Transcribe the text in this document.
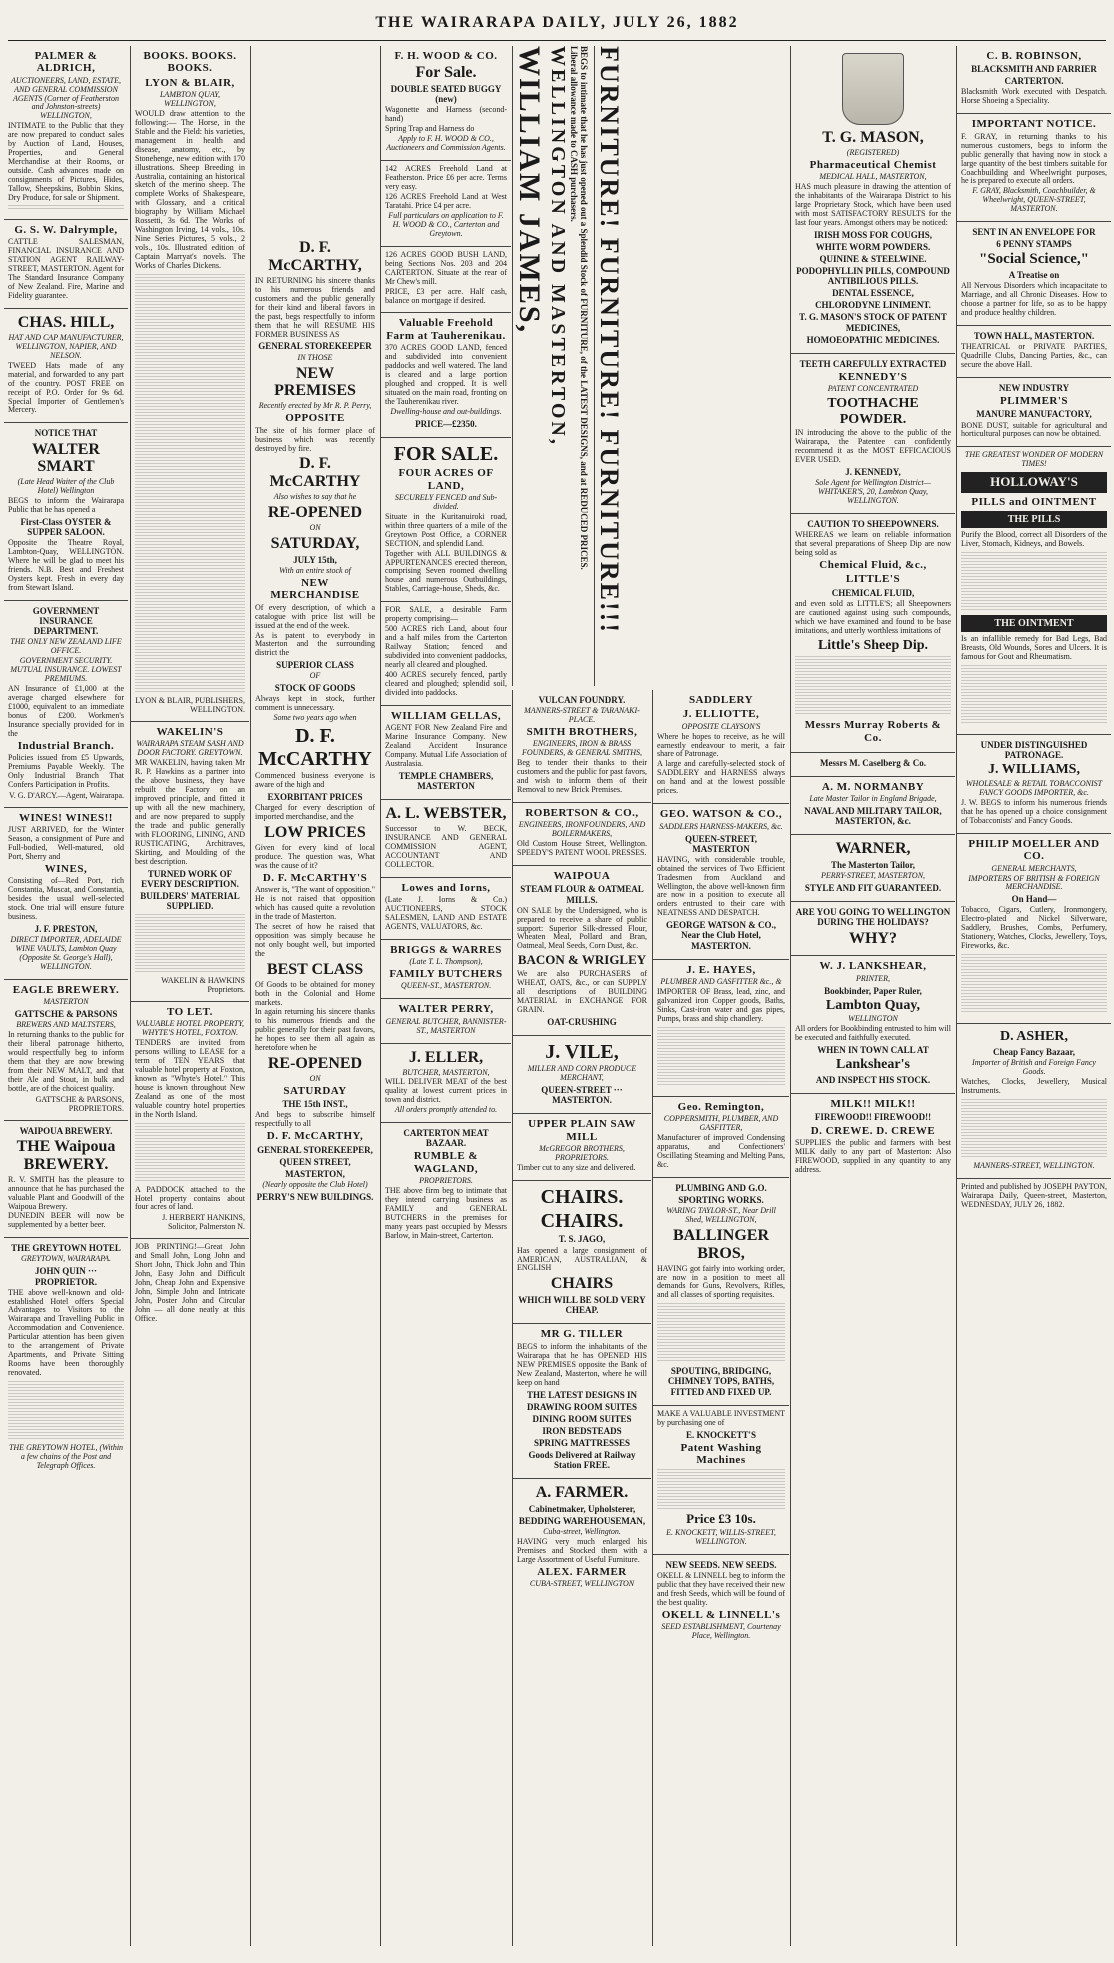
THE WAIRARAPA DAILY, JULY 26, 1882
PALMER & ALDRICH,
AUCTIONEERS, LAND, ESTATE, AND GENERAL COMMISSION AGENTS (Corner of Featherston and Johnston-streets) WELLINGTON,
INTIMATE to the Public that they are now prepared to conduct sales by Auction of Land, Houses, Properties, and General Merchandise at their Rooms, or outside. Cash advances made on consignments of Pictures, Hides, Tallow, Sheepskins, Bobbin Skins, Dry Produce, for sale or Shipment.
G. S. W. Dalrymple,
CATTLE SALESMAN, FINANCIAL INSURANCE AND STATION AGENT RAILWAY-STREET, MASTERTON. Agent for The Standard Insurance Company of New Zealand. Fire, Marine and Fidelity guarantee.
CHAS. HILL,
HAT AND CAP MANUFACTURER, WELLINGTON, NAPIER, AND NELSON.
TWEED Hats made of any material, and forwarded to any part of the country. POST FREE on receipt of P.O. Order for 9s 6d. Special Importer of Gentlemen's Mercery.
NOTICE THAT
WALTER SMART
(Late Head Waiter of the Club Hotel) Wellington
BEGS to inform the Wairarapa Public that he has opened a
First-Class OYSTER & SUPPER SALOON.
Opposite the Theatre Royal, Lambton-Quay, WELLINGTON. Where he will be glad to meet his friends. N.B. Best and Freshest Oysters kept. Fresh in every day from Stewart Island.
GOVERNMENT INSURANCE DEPARTMENT.
THE ONLY NEW ZEALAND LIFE OFFICE.
GOVERNMENT SECURITY. MUTUAL INSURANCE. LOWEST PREMIUMS.
AN Insurance of £1,000 at the average charged elsewhere for £1000, equivalent to an immediate bonus of £200. Workmen's Insurance specially provided for in the
Industrial Branch.
Policies issued from £5 Upwards, Premiums Payable Weekly. The Only Industrial Branch That Confers Participation in Profits.
V. G. D'ARCY.—Agent, Wairarapa.
WINES! WINES!!
JUST ARRIVED, for the Winter Season, a consignment of Pure and Full-bodied, Well-matured, old Port, Sherry and
WINES,
Consisting of—Red Port, rich Constantia, Muscat, and Constantia, besides the usual well-selected stock. One trial will ensure future business.
J. F. PRESTON,
DIRECT IMPORTER, ADELAIDE WINE VAULTS, Lambton Quay (Opposite St. George's Hall), WELLINGTON.
EAGLE BREWERY.
MASTERTON
GATTSCHE & PARSONS
BREWERS AND MALTSTERS,
In returning thanks to the public for their liberal patronage hitherto, would respectfully beg to inform them that they are now brewing from their NEW MALT, and that their Ale and Stout, in bulk and bottle, are of the choicest quality.
GATTSCHE & PARSONS, PROPRIETORS.
WAIPOUA BREWERY.
THE Waipoua BREWERY.
R. V. SMITH has the pleasure to announce that he has purchased the valuable Plant and Goodwill of the Waipoua Brewery.
DUNEDIN BEER will now be supplemented by a better beer.
THE GREYTOWN HOTEL
GREYTOWN, WAIRARAPA.
JOHN QUIN ··· PROPRIETOR.
THE above well-known and old-established Hotel offers Special Advantages to Visitors to the Wairarapa and Travelling Public in Accommodation and Convenience. Particular attention has been given to the arrangement of Private Apartments, and Private Sitting Rooms have been thoroughly renovated.
THE GREYTOWN HOTEL, (Within a few chains of the Post and Telegraph Offices.
BOOKS. BOOKS. BOOKS.
LYON & BLAIR,
LAMBTON QUAY, WELLINGTON,
WOULD draw attention to the following:— The Horse, in the Stable and the Field: his varieties, management in health and disease, anatomy, etc., by Stonehenge, new edition with 170 illustrations. Sheep Breeding in Australia, containing an historical sketch of the merino sheep. The complete Works of Shakespeare, with Glossary, and a critical biography by William Michael Rossetti, 3s 6d. The Works of Washington Irving, 14 vols., 10s. Nine Series Pictures, 5 vols., 2 vols., 10s. Illustrated edition of Captain Marryat's novels. The Works of Charles Dickens.
LYON & BLAIR, PUBLISHERS, WELLINGTON.
WAKELIN'S
WAIRARAPA STEAM SASH AND DOOR FACTORY. GREYTOWN.
MR WAKELIN, having taken Mr R. P. Hawkins as a partner into the above business, they have rebuilt the Factory on an improved principle, and fitted it up with all the new machinery, and are now prepared to supply the trade and public generally with FLOORING, LINING, AND RUSTICATING, Architraves, Skirting, and Moulding of the best description.
TURNED WORK OF EVERY DESCRIPTION.
BUILDERS' MATERIAL SUPPLIED.
WAKELIN & HAWKINS Proprietors.
TO LET.
VALUABLE HOTEL PROPERTY, WHYTE'S HOTEL, FOXTON.
TENDERS are invited from persons willing to LEASE for a term of TEN YEARS that valuable hotel property at Foxton, known as "Whyte's Hotel." This house is known throughout New Zealand as one of the most valuable country hotel properties in the North Island.
A PADDOCK attached to the Hotel property contains about four acres of land.
J. HERBERT HANKINS, Solicitor, Palmerston N.
JOB PRINTING!—Great John and Small John, Long John and Short John, Thick John and Thin John, Easy John and Difficult John, Cheap John and Expensive John, Simple John and Intricate John, Poster John and Circular John — all done neatly at this Office.
D. F. McCARTHY,
IN RETURNING his sincere thanks to his numerous friends and customers and the public generally for their kind and liberal favors in the past, begs respectfully to inform them that he will RESUME HIS FORMER BUSINESS AS
GENERAL STOREKEEPER
IN THOSE
NEW PREMISES
Recently erected by Mr R. P. Perry,
OPPOSITE
The site of his former place of business which was recently destroyed by fire.
D. F. McCARTHY
Also wishes to say that he
RE-OPENED
ON
SATURDAY,
JULY 15th,
With an entire stock of
NEW MERCHANDISE
Of every description, of which a catalogue with price list will be issued at the end of the week.
As is patent to everybody in Masterton and the surrounding district the
SUPERIOR CLASS
OF
STOCK OF GOODS
Always kept in stock, further comment is unnecessary.
Some two years ago when
D. F. McCARTHY
Commenced business everyone is aware of the high and
EXORBITANT PRICES
Charged for every description of imported merchandise, and the
LOW PRICES
Given for every kind of local produce. The question was, What was the cause of it?
D. F. McCARTHY'S
Answer is, "The want of opposition." He is not raised that opposition which has caused quite a revolution in the trade of Masterton.
The secret of how he raised that opposition was simply because he not only bought well, but imported the
BEST CLASS
Of Goods to be obtained for money both in the Colonial and Home markets.
In again returning his sincere thanks to his numerous friends and the public generally for their past favors, he hopes to see them all again as heretofore when he
RE-OPENED
ON
SATURDAY
THE 15th INST.,
And begs to subscribe himself respectfully to all
D. F. McCARTHY,
GENERAL STOREKEEPER,
QUEEN STREET,
MASTERTON,
(Nearly opposite the Club Hotel)
PERRY'S NEW BUILDINGS.
F. H. WOOD & CO.
For Sale.
DOUBLE SEATED BUGGY (new)
Wagonette and Harness (second-hand)
Spring Trap and Harness do
Apply to F. H. WOOD & CO., Auctioneers and Commission Agents.
142 ACRES Freehold Land at Featherston. Price £6 per acre. Terms very easy.
126 ACRES Freehold Land at West Taratahi. Price £4 per acre.
Full particulars on application to F. H. WOOD & CO., Carterton and Greytown.
126 ACRES GOOD BUSH LAND, being Sections Nos. 203 and 204 CARTERTON. Situate at the rear of Mr Chew's mill.
PRICE, £3 per acre. Half cash, balance on mortgage if desired.
Valuable Freehold Farm at Tauherenikau.
370 ACRES GOOD LAND, fenced and subdivided into convenient paddocks and well watered. The land is cleared and a large portion ploughed and cropped. It is well situated on the main road, fronting on the Tauherenikau river.
Dwelling-house and out-buildings.
PRICE—£2350.
FOR SALE.
FOUR ACRES OF LAND,
SECURELY FENCED and Sub-divided.
Situate in the Kuritanuiroki road, within three quarters of a mile of the Greytown Post Office, a CORNER SECTION, and splendid Land.
Together with ALL BUILDINGS & APPURTENANCES erected thereon, comprising Seven roomed dwelling house and numerous Outbuildings, Stables, Carriage-house, Sheds, &c.
FOR SALE, a desirable Farm property comprising—
500 ACRES rich Land, about four and a half miles from the Carterton Railway Station; fenced and subdivided into convenient paddocks, nearly all cleared and ploughed.
400 ACRES securely fenced, partly cleared and ploughed; splendid soil, divided into paddocks.
WILLIAM GELLAS,
AGENT FOR New Zealand Fire and Marine Insurance Company. New Zealand Accident Insurance Company. Mutual Life Association of Australasia.
TEMPLE CHAMBERS, MASTERTON
A. L. WEBSTER,
Successor to W. BECK, INSURANCE AND GENERAL COMMISSION AGENT, ACCOUNTANT AND COLLECTOR.
Lowes and Iorns,
(Late J. Iorns & Co.) AUCTIONEERS, STOCK SALESMEN, LAND AND ESTATE AGENTS, VALUATORS, &c.
BRIGGS & WARRES
(Late T. L. Thompson),
FAMILY BUTCHERS
QUEEN-ST., MASTERTON.
WALTER PERRY,
GENERAL BUTCHER, BANNISTER-ST., MASTERTON
J. ELLER,
BUTCHER, MASTERTON,
WILL DELIVER MEAT of the best quality at lowest current prices in town and district.
All orders promptly attended to.
CARTERTON MEAT BAZAAR.
RUMBLE & WAGLAND,
PROPRIETORS.
THE above firm beg to intimate that they intend carrying business as FAMILY and GENERAL BUTCHERS in the premises for many years past occupied by Messrs Barlow, in Main-street, Carterton.
BEGS to intimate that he has just opened out a Splendid Stock of FURNITURE, of the LATEST DESIGNS, and at REDUCED PRICES.
Liberal allowance made to CASH purchasers.
WELLINGTON AND MASTERTON,
WILLIAM JAMES, FURNITURE! FURNITURE! FURNITURE!!!
VULCAN FOUNDRY.
MANNERS-STREET & TARANAKI-PLACE.
SMITH BROTHERS,
ENGINEERS, IRON & BRASS FOUNDERS, & GENERAL SMITHS,
Beg to tender their thanks to their customers and the public for past favors, and wish to inform them of their Removal to new Brick Premises.
ROBERTSON & CO.,
ENGINEERS, IRONFOUNDERS, AND BOILERMAKERS,
Old Custom House Street, Wellington. SPEEDY'S PATENT WOOL PRESSES.
WAIPOUA
STEAM FLOUR & OATMEAL MILLS.
ON SALE by the Undersigned, who is prepared to receive a share of public support: Superior Silk-dressed Flour, Wheaten Meal, Pollard and Bran, Oatmeal, Meal Seeds, Corn Dust, &c.
BACON & WRIGLEY
We are also PURCHASERS of WHEAT, OATS, &c., or can SUPPLY all descriptions of BUILDING MATERIAL in EXCHANGE FOR GRAIN.
OAT-CRUSHING
J. VILE,
MILLER AND CORN PRODUCE MERCHANT,
QUEEN-STREET ··· MASTERTON.
UPPER PLAIN SAW MILL
McGREGOR BROTHERS, PROPRIETORS.
Timber cut to any size and delivered.
CHAIRS.
CHAIRS.
T. S. JAGO,
Has opened a large consignment of AMERICAN, AUSTRALIAN, & ENGLISH
CHAIRS
WHICH WILL BE SOLD VERY CHEAP.
MR G. TILLER
BEGS to inform the inhabitants of the Wairarapa that he has OPENED HIS NEW PREMISES opposite the Bank of New Zealand, Masterton, where he will keep on hand
THE LATEST DESIGNS IN
DRAWING ROOM SUITES
DINING ROOM SUITES
IRON BEDSTEADS
SPRING MATTRESSES
Goods Delivered at Railway Station FREE.
A. FARMER.
Cabinetmaker, Upholsterer,
BEDDING WAREHOUSEMAN,
Cuba-street, Wellington.
HAVING very much enlarged his Premises and Stocked them with a Large Assortment of Useful Furniture.
ALEX. FARMER
CUBA-STREET, WELLINGTON
SADDLERY
J. ELLIOTTE,
OPPOSITE CLAYSON'S
Where he hopes to receive, as he will earnestly endeavour to merit, a fair share of Patronage.
A large and carefully-selected stock of SADDLERY and HARNESS always on hand and at the lowest possible prices.
GEO. WATSON & CO.,
SADDLERS HARNESS-MAKERS, &c.
QUEEN-STREET, MASTERTON
HAVING, with considerable trouble, obtained the services of Two Efficient Tradesmen from Auckland and Wellington, the above well-known firm are now in a position to execute all orders entrusted to their care with NEATNESS AND DESPATCH.
GEORGE WATSON & CO., Near the Club Hotel, MASTERTON.
J. E. HAYES,
PLUMBER AND GASFITTER &c., &
IMPORTER OF Brass, lead, zinc, and galvanized iron Copper goods, Baths, Sinks, Cast-iron water and gas pipes, Pumps, brass and ship chandlery.
Geo. Remington,
COPPERSMITH, PLUMBER, AND GASFITTER,
Manufacturer of improved Condensing apparatus, and Confectioners' Oscillating Steaming and Melting Pans, &c.
PLUMBING AND G.O.
SPORTING WORKS.
WARING TAYLOR-ST., Near Drill Shed, WELLINGTON,
BALLINGER BROS,
HAVING got fairly into working order, are now in a position to meet all demands for Guns, Revolvers, Rifles, and all classes of sporting requisites.
SPOUTING, BRIDGING, CHIMNEY TOPS, BATHS, FITTED AND FIXED UP.
MAKE A VALUABLE INVESTMENT by purchasing one of
E. KNOCKETT'S
Patent Washing Machines
Price £3 10s.
E. KNOCKETT, WILLIS-STREET, WELLINGTON.
NEW SEEDS. NEW SEEDS.
OKELL & LINNELL beg to inform the public that they have received their new and fresh Seeds, which will be found of the best quality.
OKELL & LINNELL's
SEED ESTABLISHMENT, Courtenay Place, Wellington.
T. G. MASON,
(REGISTERED)
Pharmaceutical Chemist
MEDICAL HALL, MASTERTON,
HAS much pleasure in drawing the attention of the inhabitants of the Wairarapa District to his large Proprietary Stock, which have been used with most SATISFACTORY RESULTS for the last four years. Amongst others may be noticed:
IRISH MOSS FOR COUGHS,
WHITE WORM POWDERS.
QUININE & STEELWINE.
PODOPHYLLIN PILLS, COMPOUND ANTIBILIOUS PILLS.
DENTAL ESSENCE,
CHLORODYNE LINIMENT.
T. G. MASON'S STOCK OF PATENT MEDICINES,
HOMOEOPATHIC MEDICINES.
TEETH CAREFULLY EXTRACTED
KENNEDY'S
PATENT CONCENTRATED
TOOTHACHE POWDER.
IN introducing the above to the public of the Wairarapa, the Patentee can confidently recommend it as the MOST EFFICACIOUS EVER USED.
J. KENNEDY,
Sole Agent for Wellington District— WHITAKER'S, 20, Lambton Quay, WELLINGTON.
CAUTION TO SHEEPOWNERS.
WHEREAS we learn on reliable information that several preparations of Sheep Dip are now being sold as
Chemical Fluid, &c.,
LITTLE'S
CHEMICAL FLUID,
and even sold as LITTLE'S; all Sheepowners are cautioned against using such compounds, which we have examined and found to be base imitations, and utterly worthless imitations of
Little's Sheep Dip.
Messrs Murray Roberts & Co.
Messrs M. Caselberg & Co.
A. M. NORMANBY
Late Master Tailor in England Brigade,
NAVAL AND MILITARY TAILOR, MASTERTON, &c.
WARNER,
The Masterton Tailor,
PERRY-STREET, MASTERTON,
STYLE AND FIT GUARANTEED.
ARE YOU GOING TO WELLINGTON DURING THE HOLIDAYS?
WHY?
W. J. LANKSHEAR,
PRINTER,
Bookbinder, Paper Ruler,
Lambton Quay,
WELLINGTON
All orders for Bookbinding entrusted to him will be executed and faithfully executed.
WHEN IN TOWN CALL AT
Lankshear's
AND INSPECT HIS STOCK.
MILK!! MILK!!
FIREWOOD!! FIREWOOD!!
D. CREWE. D. CREWE
SUPPLIES the public and farmers with best MILK daily to any part of Masterton: Also FIREWOOD, supplied in any quantity to any address.
C. B. ROBINSON,
BLACKSMITH AND FARRIER
CARTERTON.
Blacksmith Work executed with Despatch. Horse Shoeing a Speciality.
IMPORTANT NOTICE.
F. GRAY, in returning thanks to his numerous customers, begs to inform the public generally that having now in stock a large quantity of the best timbers suitable for Coachbuilding and Wheelwright purposes, he is prepared to execute all orders.
F. GRAY, Blacksmith, Coachbuilder, & Wheelwright, QUEEN-STREET, MASTERTON.
SENT IN AN ENVELOPE FOR
6 PENNY STAMPS
"Social Science,"
A Treatise on
All Nervous Disorders which incapacitate to Marriage, and all Chronic Diseases. How to choose a partner for life, so as to be happy and produce healthy children.
TOWN HALL, MASTERTON.
THEATRICAL or PRIVATE PARTIES, Quadrille Clubs, Dancing Parties, &c., can secure the above Hall.
NEW INDUSTRY
PLIMMER'S
MANURE MANUFACTORY,
BONE DUST, suitable for agricultural and horticultural purposes can now be obtained.
THE GREATEST WONDER OF MODERN TIMES!
HOLLOWAY'S
PILLS and OINTMENT
THE PILLS
Purify the Blood, correct all Disorders of the Liver, Stomach, Kidneys, and Bowels.
THE OINTMENT
Is an infallible remedy for Bad Legs, Bad Breasts, Old Wounds, Sores and Ulcers. It is famous for Gout and Rheumatism.
UNDER DISTINGUISHED PATRONAGE.
J. WILLIAMS,
WHOLESALE & RETAIL TOBACCONIST FANCY GOODS IMPORTER, &c.
J. W. BEGS to inform his numerous friends that he has opened up a choice consignment of Tobacconists' and Fancy Goods.
PHILIP MOELLER AND CO.
GENERAL MERCHANTS,
IMPORTERS OF BRITISH & FOREIGN MERCHANDISE.
On Hand—
Tobacco, Cigars, Cutlery, Ironmongery, Electro-plated and Nickel Silverware, Saddlery, Brushes, Combs, Perfumery, Stationery, Watches, Clocks, Jewellery, Toys, Fireworks, &c.
D. ASHER,
Cheap Fancy Bazaar,
Importer of British and Foreign Fancy Goods.
Watches, Clocks, Jewellery, Musical Instruments.
MANNERS-STREET, WELLINGTON.
Printed and published by JOSEPH PAYTON, Wairarapa Daily, Queen-street, Masterton, WEDNESDAY, JULY 26, 1882.
